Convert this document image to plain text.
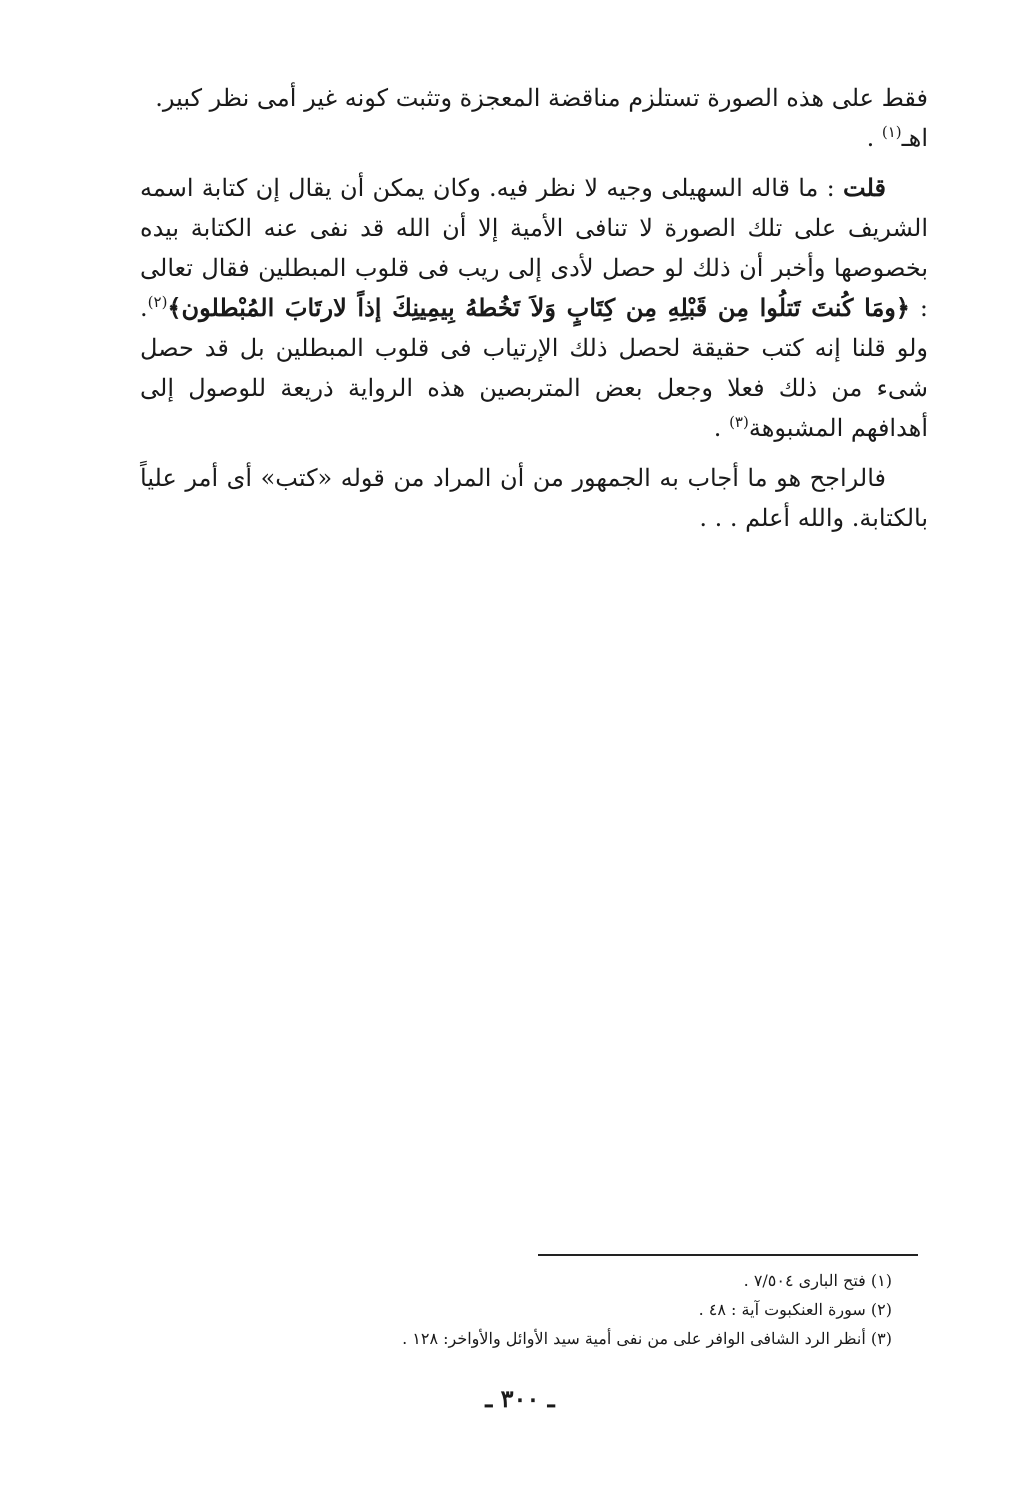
فقط على هذه الصورة تستلزم مناقضة المعجزة وتثبت كونه غير أمى نظر كبير.
اهـ$^{(١)}$ .

قلت : ما قاله السهيلى وجيه لا نظر فيه. وكان يمكن أن يقال إن كتابة اسمه الشريف على تلك الصورة لا تنافى الأمية إلا أن الله قد نفى عنه الكتابة بيده بخصوصها وأخبر أن ذلك لو حصل لأدى إلى ريب فى قلوب المبطلين فقال تعالى : ﴿ومَا كُنتَ تَتلُوا مِن قَبْلِهِ مِن كِتَابٍ وَلاَ تَخُطهُ بِيمِينِكَ إذاً لارتَابَ المُبْطلون﴾$^{(٢)}$. ولو قلنا إنه كتب حقيقة لحصل ذلك الإرتياب فى قلوب المبطلين بل قد حصل شىء من ذلك فعلا وجعل بعض المتربصين هذه الرواية ذريعة للوصول إلى أهدافهم المشبوهة$^{(٣)}$ .

فالراجح هو ما أجاب به الجمهور من أن المراد من قوله «كتب» أى أمر علياً بالكتابة. والله أعلم . . .

(١) فتح البارى ٧/٥٠٤ .

(٢) سورة العنكبوت آية : ٤٨ .

(٣) أنظر الرد الشافى الوافر على من نفى أمية سيد الأوائل والأواخر: ١٢٨ .

ـ ٣٠٠ ـ
